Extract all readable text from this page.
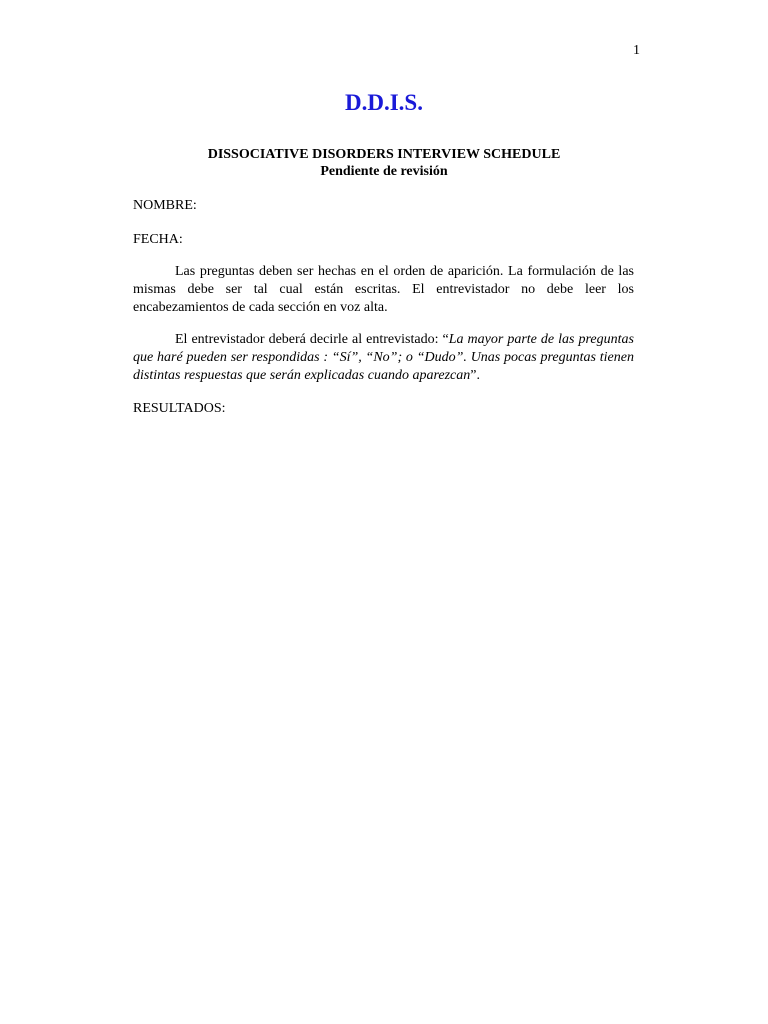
1
D.D.I.S.
DISSOCIATIVE DISORDERS INTERVIEW SCHEDULE
Pendiente de revisión
NOMBRE:
FECHA:

Las preguntas deben ser hechas en el orden de aparición. La formulación de las mismas debe ser tal cual están escritas. El entrevistador no debe leer los encabezamientos de cada sección en voz alta.

El entrevistador deberá decirle al entrevistado: “La mayor parte de las preguntas que haré pueden ser respondidas : “Sí”, “No”; o “Dudo”. Unas pocas preguntas tienen distintas respuestas que serán explicadas cuando aparezcan”.

RESULTADOS:
